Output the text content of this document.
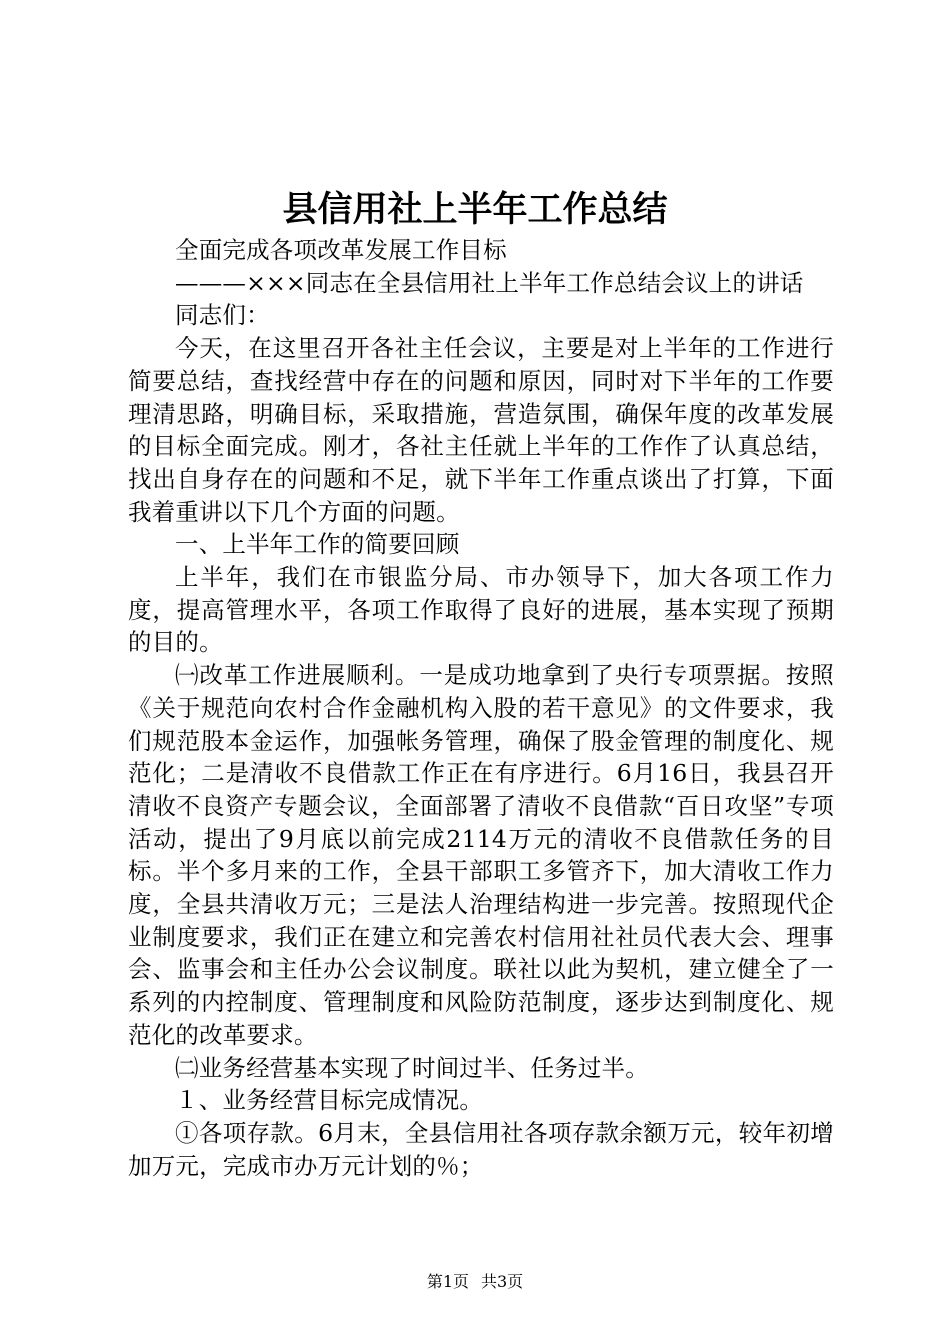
县信用社上半年工作总结

全面完成各项改革发展工作目标

———×××同志在全县信用社上半年工作总结会议上的讲话

同志们：

今天，在这里召开各社主任会议，主要是对上半年的工作进行简要总结，查找经营中存在的问题和原因，同时对下半年的工作要理清思路，明确目标，采取措施，营造氛围，确保年度的改革发展的目标全面完成。刚才，各社主任就上半年的工作作了认真总结，找出自身存在的问题和不足，就下半年工作重点谈出了打算，下面我着重讲以下几个方面的问题。

一、上半年工作的简要回顾

上半年，我们在市银监分局、市办领导下，加大各项工作力度，提高管理水平，各项工作取得了良好的进展，基本实现了预期的目的。

㈠改革工作进展顺利。一是成功地拿到了央行专项票据。按照《关于规范向农村合作金融机构入股的若干意见》的文件要求，我们规范股本金运作，加强帐务管理，确保了股金管理的制度化、规范化；二是清收不良借款工作正在有序进行。6月16日，我县召开清收不良资产专题会议，全面部署了清收不良借款“百日攻坚”专项活动，提出了9月底以前完成2114万元的清收不良借款任务的目标。半个多月来的工作，全县干部职工多管齐下，加大清收工作力度，全县共清收万元；三是法人治理结构进一步完善。按照现代企业制度要求，我们正在建立和完善农村信用社社员代表大会、理事会、监事会和主任办公会议制度。联社以此为契机，建立健全了一系列的内控制度、管理制度和风险防范制度，逐步达到制度化、规范化的改革要求。

㈡业务经营基本实现了时间过半、任务过半。

１、业务经营目标完成情况。

①各项存款。6月末，全县信用社各项存款余额万元，较年初增加万元，完成市办万元计划的％；

第1页 共3页
